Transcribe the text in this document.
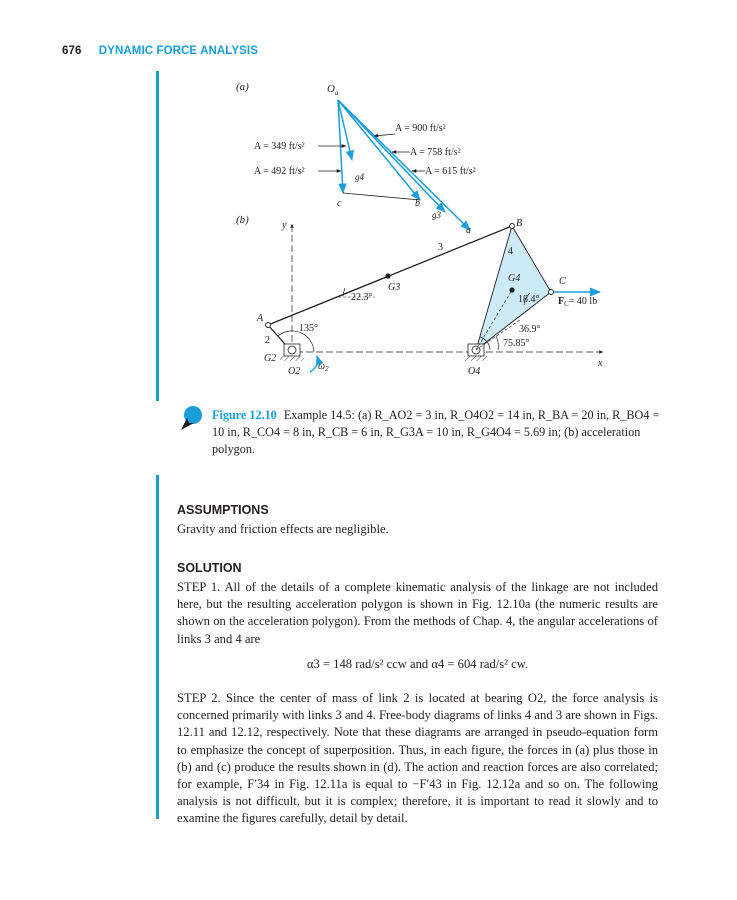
676 DYNAMIC FORCE ANALYSIS
(a)	$O_a$
A = 900 ft/s²
A = 758 ft/s²
A = 615 ft/s²
A = 349 ft/s²
A = 492 ft/s²	g4
c	b
g3
a
(b)	y
x
3	4
G3
B
A
2
22.3°
135°
G2
O2 $\omega_2$	O4
G4
18.4°
36.9°
75.85°
C
$F_C= 40$ lb
Figure 12.10 Example 14.5: (a) R_AO2 = 3 in, R_O4O2 = 14 in, R_BA = 20 in, R_BO4 = 10 in, R_CO4 = 8 in, R_CB = 6 in, R_G3A = 10 in, R_G4O4 = 5.69 in; (b) acceleration polygon.
ASSUMPTIONS
Gravity and friction effects are negligible.
SOLUTION
STEP 1. All of the details of a complete kinematic analysis of the linkage are not included here, but the resulting acceleration polygon is shown in Fig. 12.10a (the numeric results are shown on the acceleration polygon). From the methods of Chap. 4, the angular accelerations of links 3 and 4 are
α3 = 148 rad/s² ccw and α4 = 604 rad/s² cw.
STEP 2. Since the center of mass of link 2 is located at bearing O2, the force analysis is concerned primarily with links 3 and 4. Free-body diagrams of links 4 and 3 are shown in Figs. 12.11 and 12.12, respectively. Note that these diagrams are arranged in pseudo-equation form to emphasize the concept of superposition. Thus, in each figure, the forces in (a) plus those in (b) and (c) produce the results shown in (d). The action and reaction forces are also correlated; for example, F′34 in Fig. 12.11a is equal to −F′43 in Fig. 12.12a and so on. The following analysis is not difficult, but it is complex; therefore, it is important to read it slowly and to examine the figures carefully, detail by detail.
